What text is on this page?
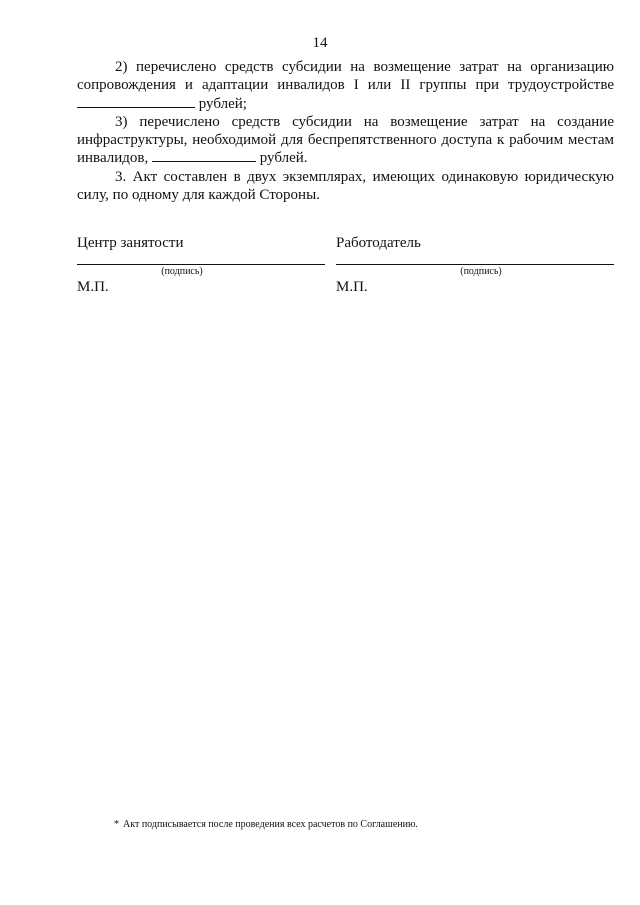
14

2) перечислено средств субсидии на возмещение затрат на организацию сопровождения и адаптации инвалидов I или II группы при трудоустройстве  рублей;

3) перечислено средств субсидии на возмещение затрат на создание инфраструктуры, необходимой для беспрепятственного доступа к рабочим местам инвалидов,	рублей.

3. Акт составлен в двух экземплярах, имеющих одинаковую юридическую силу, по одному для каждой Стороны.

Центр занятости
(подпись)
М.П.
Работодатель
(подпись)
М.П.
* Акт подписывается после проведения всех расчетов по Соглашению.
